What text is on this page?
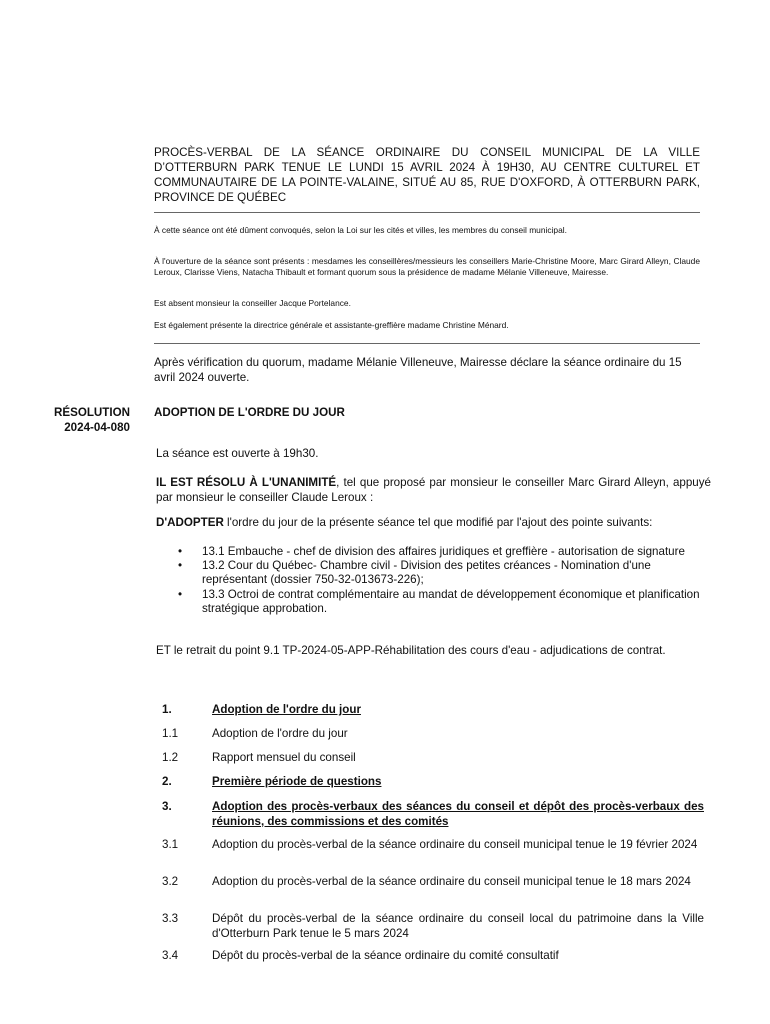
PROCÈS-VERBAL DE LA SÉANCE ORDINAIRE DU CONSEIL MUNICIPAL DE LA VILLE D’OTTERBURN PARK TENUE LE LUNDI 15 AVRIL 2024 À 19H30, AU CENTRE CULTUREL ET COMMUNAUTAIRE DE LA POINTE-VALAINE, SITUÉ AU 85, RUE D'OXFORD, À OTTERBURN PARK, PROVINCE DE QUÉBEC

À cette séance ont été dûment convoqués, selon la Loi sur les cités et villes, les membres du conseil municipal.

À l'ouverture de la séance sont présents : mesdames les conseillères/messieurs les conseillers Marie-Christine Moore, Marc Girard Alleyn, Claude Leroux, Clarisse Viens, Natacha Thibault et formant quorum sous la présidence de madame Mélanie Villeneuve, Mairesse.

Est absent monsieur la conseiller Jacque Portelance.

Est également présente la directrice générale et assistante-greffière madame Christine Ménard.

Après vérification du quorum, madame Mélanie Villeneuve, Mairesse déclare la séance ordinaire du 15 avril 2024 ouverte.

RÉSOLUTION
2024-04-080

ADOPTION DE L'ORDRE DU JOUR

La séance est ouverte à 19h30.

IL EST RÉSOLU À L'UNANIMITÉ, tel que proposé par monsieur le conseiller Marc Girard Alleyn, appuyé par monsieur le conseiller Claude Leroux :

D'ADOPTER l'ordre du jour de la présente séance tel que modifié par l'ajout des pointe suivants:

• 13.1 Embauche - chef de division des affaires juridiques et greffière - autorisation de signature
• 13.2 Cour du Québec- Chambre civil - Division des petites créances - Nomination d'une représentant (dossier 750-32-013673-226);
• 13.3 Octroi de contrat complémentaire au mandat de développement économique et planification stratégique approbation.

ET le retrait du point 9.1 TP-2024-05-APP-Réhabilitation des cours d'eau - adjudications de contrat.

1.	Adoption de l'ordre du jour

1.1	Adoption de l'ordre du jour

1.2	Rapport mensuel du conseil

2.	Première période de questions

3.	Adoption des procès-verbaux des séances du conseil et dépôt des procès-verbaux des réunions, des commissions et des comités

3.1	Adoption du procès-verbal de la séance ordinaire du conseil municipal tenue le 19 février 2024

3.2	Adoption du procès-verbal de la séance ordinaire du conseil municipal tenue le 18 mars 2024

3.3	Dépôt du procès-verbal de la séance ordinaire du conseil local du patrimoine dans la Ville d'Otterburn Park tenue le 5 mars 2024

3.4	Dépôt du procès-verbal de la séance ordinaire du comité consultatif
